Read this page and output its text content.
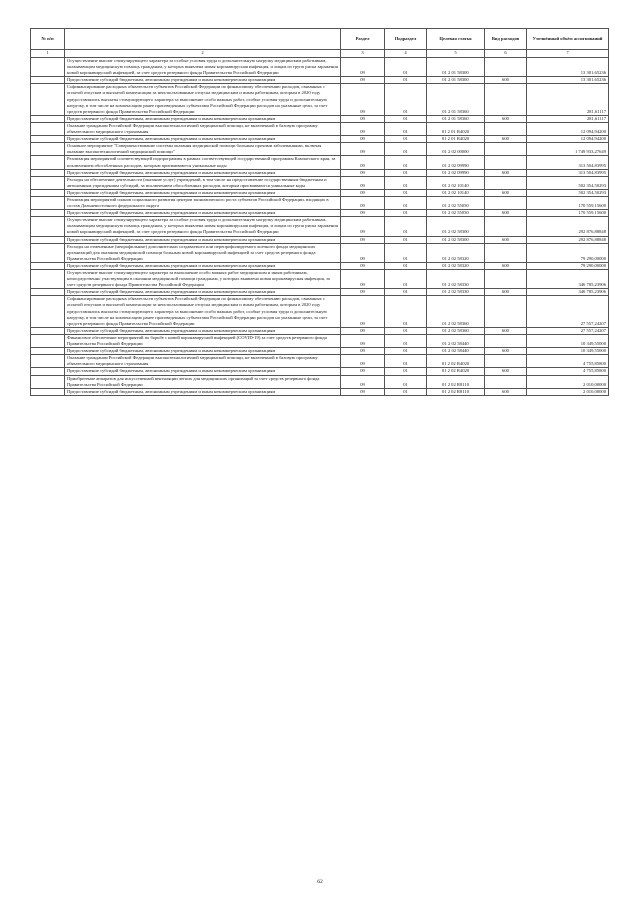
№ п/п		Раздел	Подраздел	Целевая статья	Вид расходов	Уточнённый объём ассигнований
1	2	3	4	5	6	7
	Осуществление выплат стимулирующего характера за особые условия труда и дополнительную нагрузку медицинским работникам, оказывающим медицинскую помощь гражданам, у которых выявлена новая коронавирусная инфекция, и лицам из групп риска заражения новой коронавирусной инфекцией, за счет средств резервного фонда Правительства Российской Федерации	09	01	01 2 01 58300		13 301,65236
	Предоставление субсидий бюджетным, автономным учреждениям и иным некоммерческим организациям	09	01	01 2 01 58300	600	13 301,65236
	Софинансирование расходных обязательств субъектов Российской Федерации по финансовому обеспечению расходов, связанных с оплатой отпусков и выплатой компенсации за неиспользованные отпуска медицинским и иным работникам, которым в 2020 году предоставлялись выплаты стимулирующего характера за выполнение особо важных работ, особые условия труда и дополнительную нагрузку, в том числе на компенсацию ранее произведенных субъектами Российской Федерации расходов на указанные цели, за счет средств резервного фонда Правительства Российской Федерации	09	01	01 2 01 58360		281,61117
	Предоставление субсидий бюджетным, автономным учреждениям и иным некоммерческим организациям	09	01	01 2 01 58360	600	281,61117
	Оказание гражданам Российской Федерации высокотехнологичной медицинской помощи, не включенной в базовую программу обязательного медицинского страхования	09	01	01 2 01 R4020		12 094,94200
	Предоставление субсидий бюджетным, автономным учреждениям и иным некоммерческим организациям	09	01	01 2 01 R4020	600	12 094,94200
	Основное мероприятие "Совершенствование системы оказания медицинской помощи больным прочими заболеваниями, включая оказание высокотехнологичной медицинской помощи"	09	01	01 2 02 00000		1 749 933,27649
	Реализация мероприятий соответствующей подпрограммы в рамках соответствующей государственной программы Камчатского края, за исключением обособленных расходов, которым присваиваются уникальные коды	09	01	01 2 02 09990		313 504,83995
	Предоставление субсидий бюджетным, автономным учреждениям и иным некоммерческим организациям	09	01	01 2 02 09990	600	313 504,83995
	Расходы на обеспечение деятельности (оказание услуг) учреждений, в том числе на предоставление государственным бюджетным и автономным учреждениям субсидий, за исключением обособленных расходов, которым присваиваются уникальные коды	09	01	01 2 02 10140		502 354,50293
	Предоставление субсидий бюджетным, автономным учреждениям и иным некоммерческим организациям	09	01	01 2 02 10140	600	502 354,50293
	Реализация мероприятий планов социального развития центров экономического роста субъектов Российской Федерации, входящих в состав Дальневосточного федерального округа	09	01	01 2 02 55050		170 559,15600
	Предоставление субсидий бюджетным, автономным учреждениям и иным некоммерческим организациям	09	01	01 2 02 55050	600	170 559,15600
	Осуществление выплат стимулирующего характера за особые условия труда и дополнительную нагрузку медицинским работникам, оказывающим медицинскую помощь гражданам, у которых выявлена новая коронавирусная инфекция, и лицам из групп риска заражения новой коронавирусной инфекцией, за счет средств резервного фонда Правительства Российской Федерации	09	01	01 2 02 58300		292 876,88848
	Предоставление субсидий бюджетным, автономным учреждениям и иным некоммерческим организациям	09	01	01 2 02 58300	600	292 876,88848
	Расходы на отмененные (непрофильные) дополнительно создаваемого или перепрофилируемого коечного фонда медицинских организаций для оказания медицинской помощи больным новой коронавирусной инфекцией за счет средств резервного фонда Правительства Российской Федерации	09	01	01 2 02 58320		79 290,00000
	Предоставление субсидий бюджетным, автономным учреждениям и иным некоммерческим организациям	09	01	01 2 02 58320	600	79 290,00000
	Осуществление выплат стимулирующего характера за выполнение особо важных работ медицинским и иным работникам, непосредственно участвующим в оказании медицинской помощи гражданам, у которых выявлена новая коронавирусная инфекция, за счет средств резервного фонда Правительства Российской Федерации	09	01	01 2 02 58330		346 785,23906
	Предоставление субсидий бюджетным, автономным учреждениям и иным некоммерческим организациям	09	01	01 2 02 58330	600	346 785,23906
	Софинансирование расходных обязательств субъектов Российской Федерации по финансовому обеспечению расходов, связанных с оплатой отпусков и выплатой компенсации за неиспользованные отпуска медицинским и иным работникам, которым в 2020 году предоставлялись выплаты стимулирующего характера за выполнение особо важных работ, особые условия труда и дополнительную нагрузку, в том числе на компенсацию ранее произведенных субъектами Российской Федерации расходов на указанные цели, за счет средств резервного фонда Правительства Российской Федерации	09	01	01 2 02 58360		27 557,24207
	Предоставление субсидий бюджетным, автономным учреждениям и иным некоммерческим организациям	09	01	01 2 02 58360	600	27 557,24207
	Финансовое обеспечение мероприятий по борьбе с новой коронавирусной инфекцией (COVID-19) за счет средств резервного фонда Правительства Российской Федерации	09	01	01 2 02 58440		10 349,55000
	Предоставление субсидий бюджетным, автономным учреждениям и иным некоммерческим организациям	09	01	01 2 02 58440	600	10 349,55000
	Оказание гражданам Российской Федерации высокотехнологичной медицинской помощи, не включенной в базовую программу обязательного медицинского страхования	09	01	01 2 02 R4020		4 755,85800
	Предоставление субсидий бюджетным, автономным учреждениям и иным некоммерческим организациям	09	01	01 2 02 R4020	600	4 755,85800
	Приобретение аппаратов для искусственной вентиляции легких для медицинских организаций за счет средств резервного фонда Правительства Российской Федерации	09	01	01 2 02 R8110		2 010,00000
	Предоставление субсидий бюджетным, автономным учреждениям и иным некоммерческим организациям	09	01	01 2 02 R8110	600	2 010,00000
62
